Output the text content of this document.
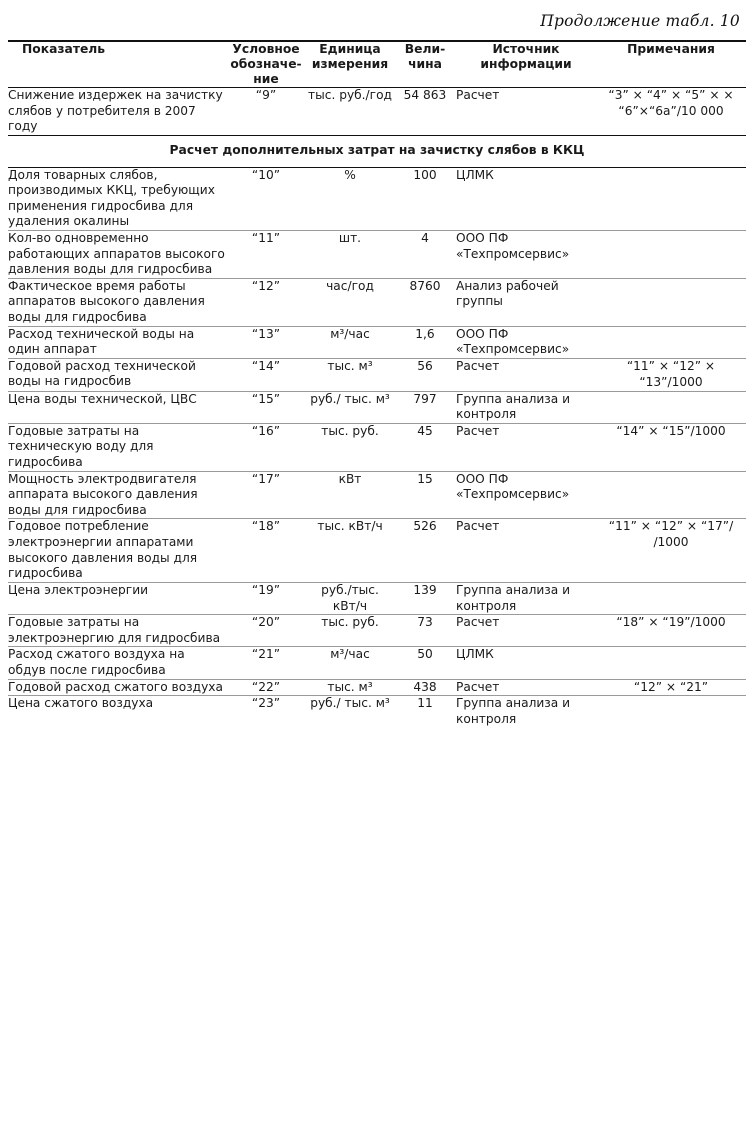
Продолжение табл. 10
Показатель	Условное обозначе-ние	Единица измерения	Вели-чина	Источник информации	Примечания
Снижение издержек на зачистку слябов у потребителя в 2007 году	“9”	тыс. руб./год	54 863	Расчет	“3” × “4” × “5” × × “6”×“6а”/10 000
Расчет дополнительных затрат на зачистку слябов в ККЦ					
Доля товарных слябов, производимых ККЦ, требующих применения гидросбива для удаления окалины	“10”	%	100	ЦЛМК	
Кол-во одновременно работающих аппаратов высокого давления воды для гидросбива	“11”	шт.	4	ООО ПФ «Техпромсервис»	
Фактическое время работы аппаратов высокого давления воды для гидросбива	“12”	час/год	8760	Анализ рабочей группы	
Расход технической воды на один аппарат	“13”	м³/час	1,6	ООО ПФ «Техпромсервис»	
Годовой расход технической воды на гидросбив	“14”	тыс. м³	56	Расчет	“11” × “12” × “13”/1000
Цена воды технической, ЦВС	“15”	руб./ тыс. м³	797	Группа анализа и контроля	
Годовые затраты на техническую воду для гидросбива	“16”	тыс. руб.	45	Расчет	“14” × “15”/1000
Мощность электродвигателя аппарата высокого давления воды для гидросбива	“17”	кВт	15	ООО ПФ «Техпромсервис»	
Годовое потребление электроэнергии аппаратами высокого давления воды для гидросбива	“18”	тыс. кВт/ч	526	Расчет	“11” × “12” × “17”/ /1000
Цена электроэнергии	“19”	руб./тыс. кВт/ч	139	Группа анализа и контроля	
Годовые затраты на электроэнергию для гидросбива	“20”	тыс. руб.	73	Расчет	“18” × “19”/1000
Расход сжатого воздуха на обдув после гидросбива	“21”	м³/час	50	ЦЛМК	
Годовой расход сжатого воздуха	“22”	тыс. м³	438	Расчет	“12” × “21”
Цена сжатого воздуха	“23”	руб./ тыс. м³	11	Группа анализа и контроля	
